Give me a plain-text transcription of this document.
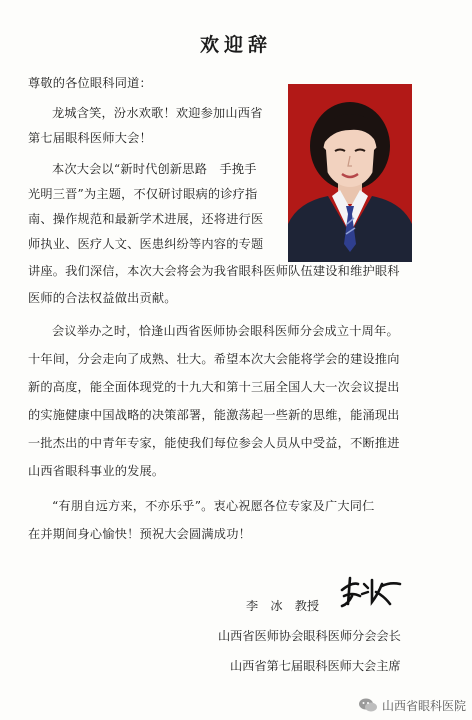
欢迎辞
尊敬的各位眼科同道：
龙城含笑，汾水欢歌！欢迎参加山西省
第七届眼科医师大会！
本次大会以“新时代创新思路　手挽手
光明三晋”为主题，不仅研讨眼病的诊疗指
南、操作规范和最新学术进展，还将进行医
师执业、医疗人文、医患纠纷等内容的专题
讲座。我们深信，本次大会将会为我省眼科医师队伍建设和维护眼科
医师的合法权益做出贡献。
会议举办之时，恰逢山西省医师协会眼科医师分会成立十周年。
十年间，分会走向了成熟、壮大。希望本次大会能将学会的建设推向
新的高度，能全面体现党的十九大和第十三届全国人大一次会议提出
的实施健康中国战略的决策部署，能激荡起一些新的思维，能涌现出
一批杰出的中青年专家，能使我们每位参会人员从中受益，不断推进
山西省眼科事业的发展。
“有朋自远方来，不亦乐乎”。衷心祝愿各位专家及广大同仁
在并期间身心愉快！预祝大会圆满成功！
李　冰　教授
山西省医师协会眼科医师分会会长
山西省第七届眼科医师大会主席
山西省眼科医院
